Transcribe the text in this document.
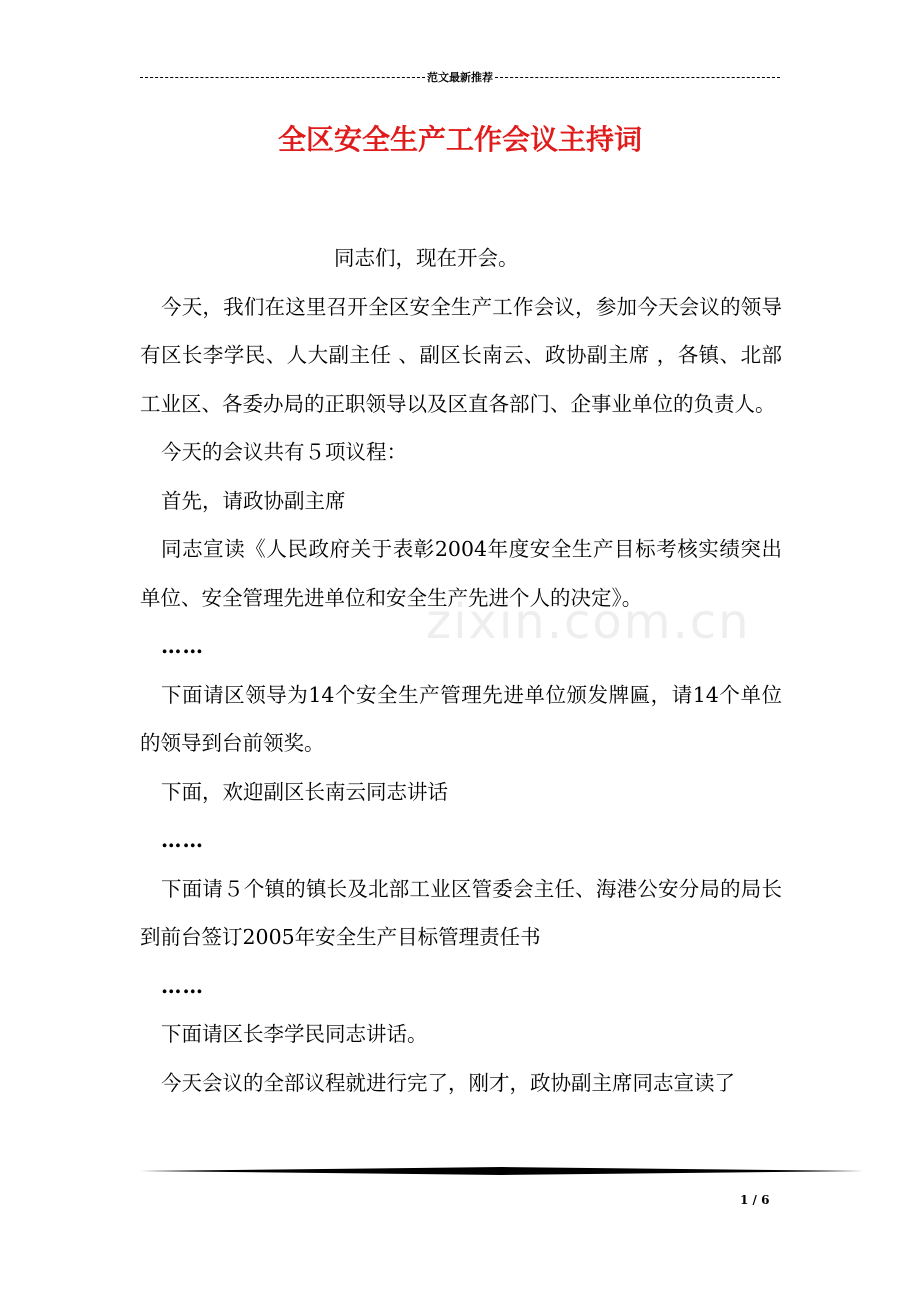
范文最新推荐
全区安全生产工作会议主持词

同志们，现在开会。

今天，我们在这里召开全区安全生产工作会议，参加今天会议的领导有区长李学民、人大副主任 、副区长南云、政协副主席 ，各镇、北部工业区、各委办局的正职领导以及区直各部门、企事业单位的负责人。

今天的会议共有５项议程：

首先，请政协副主席

同志宣读《人民政府关于表彰2004年度安全生产目标考核实绩突出单位、安全管理先进单位和安全生产先进个人的决定》。

……

下面请区领导为14个安全生产管理先进单位颁发牌匾，请14个单位的领导到台前领奖。

下面，欢迎副区长南云同志讲话

……

下面请５个镇的镇长及北部工业区管委会主任、海港公安分局的局长到前台签订2005年安全生产目标管理责任书

……

下面请区长李学民同志讲话。

今天会议的全部议程就进行完了，刚才，政协副主席同志宣读了

zixin.com.cn
1 / 6
